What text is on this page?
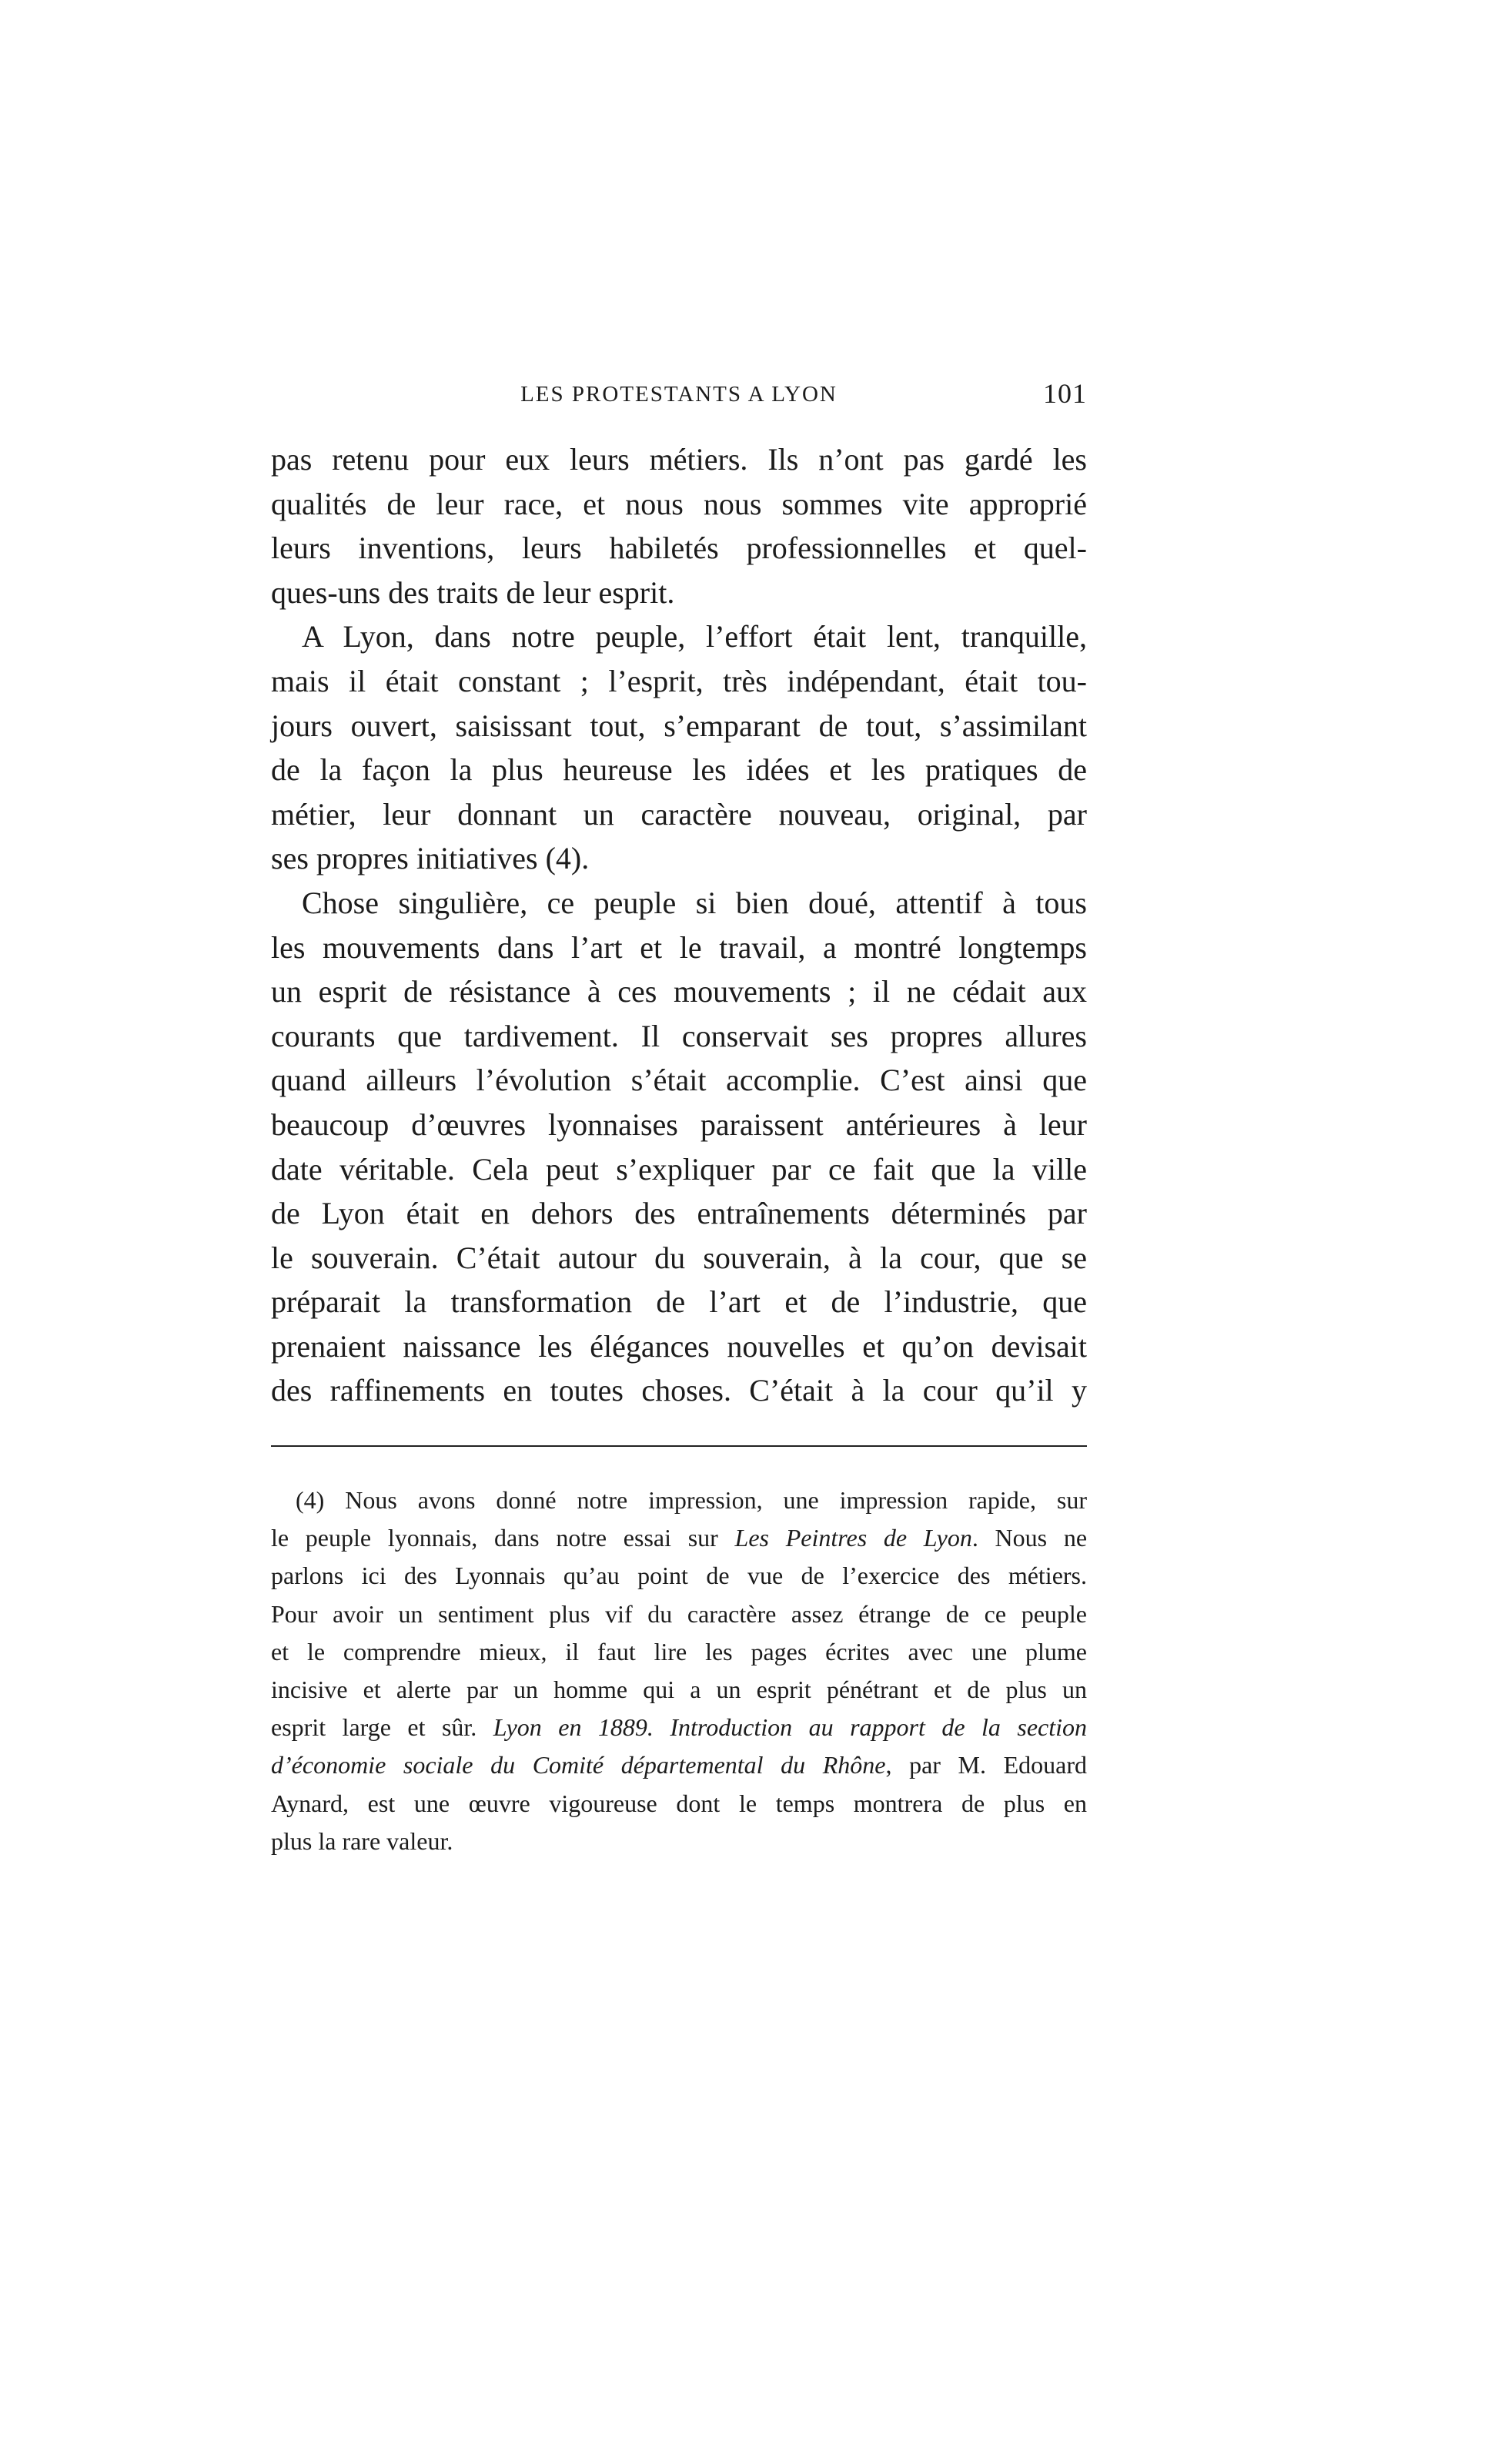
LES PROTESTANTS A LYON	101
pas retenu pour eux leurs métiers. Ils n’ont pas gardé les
qualités de leur race, et nous nous sommes vite approprié
leurs inventions, leurs habiletés professionnelles et quel-
ques-uns des traits de leur esprit.
A Lyon, dans notre peuple, l’effort était lent, tranquille,
mais il était constant ; l’esprit, très indépendant, était tou-
jours ouvert, saisissant tout, s’emparant de tout, s’assimilant
de la façon la plus heureuse les idées et les pratiques de
métier, leur donnant un caractère nouveau, original, par
ses propres initiatives (4).
Chose singulière, ce peuple si bien doué, attentif à tous
les mouvements dans l’art et le travail, a montré longtemps
un esprit de résistance à ces mouvements ; il ne cédait aux
courants que tardivement. Il conservait ses propres allures
quand ailleurs l’évolution s’était accomplie. C’est ainsi que
beaucoup d’œuvres lyonnaises paraissent antérieures à leur
date véritable. Cela peut s’expliquer par ce fait que la ville
de Lyon était en dehors des entraînements déterminés par
le souverain. C’était autour du souverain, à la cour, que se
préparait la transformation de l’art et de l’industrie, que
prenaient naissance les élégances nouvelles et qu’on devisait
des raffinements en toutes choses. C’était à la cour qu’il y
(4) Nous avons donné notre impression, une impression rapide, sur
le peuple lyonnais, dans notre essai sur Les Peintres de Lyon. Nous ne
parlons ici des Lyonnais qu’au point de vue de l’exercice des métiers.
Pour avoir un sentiment plus vif du caractère assez étrange de ce peuple
et le comprendre mieux, il faut lire les pages écrites avec une plume
incisive et alerte par un homme qui a un esprit pénétrant et de plus un
esprit large et sûr. Lyon en 1889. Introduction au rapport de la section
d’économie sociale du Comité départemental du Rhône, par M. Edouard
Aynard, est une œuvre vigoureuse dont le temps montrera de plus en
plus la rare valeur.
